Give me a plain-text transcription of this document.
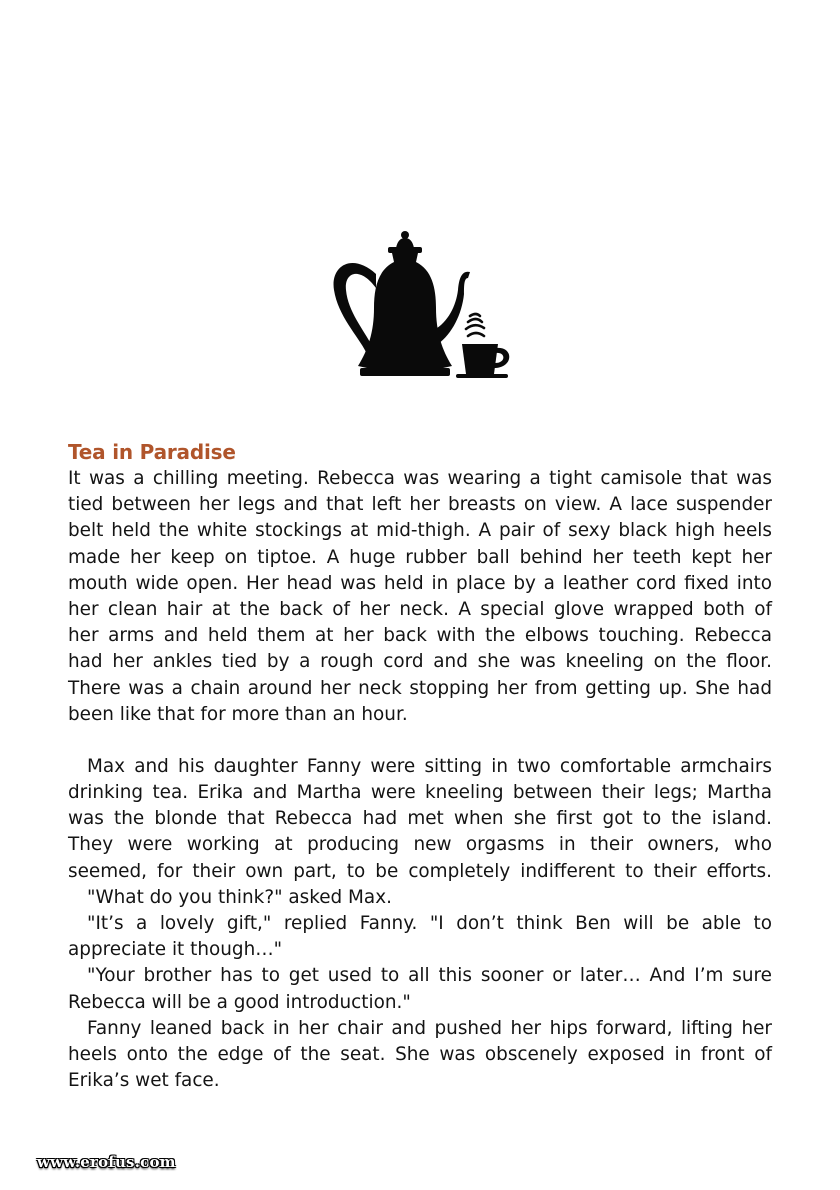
Tea in Paradise

It was a chilling meeting. Rebecca was wearing a tight camisole that was
tied between her legs and that left her breasts on view. A lace suspender
belt held the white stockings at mid-thigh. A pair of sexy black high heels
made her keep on tiptoe. A huge rubber ball behind her teeth kept her
mouth wide open. Her head was held in place by a leather cord fixed into
her clean hair at the back of her neck. A special glove wrapped both of
her arms and held them at her back with the elbows touching. Rebecca
had her ankles tied by a rough cord and she was kneeling on the floor.
There was a chain around her neck stopping her from getting up. She had
been like that for more than an hour.

Max and his daughter Fanny were sitting in two comfortable armchairs
drinking tea. Erika and Martha were kneeling between their legs; Martha
was the blonde that Rebecca had met when she first got to the island.
They were working at producing new orgasms in their owners, who
seemed, for their own part, to be completely indifferent to their efforts.

"What do you think?" asked Max.

"It’s a lovely gift," replied Fanny. "I don’t think Ben will be able to
appreciate it though…"

"Your brother has to get used to all this sooner or later… And I’m sure
Rebecca will be a good introduction."

Fanny leaned back in her chair and pushed her hips forward, lifting her
heels onto the edge of the seat. She was obscenely exposed in front of
Erika’s wet face.

www.erofus.com
